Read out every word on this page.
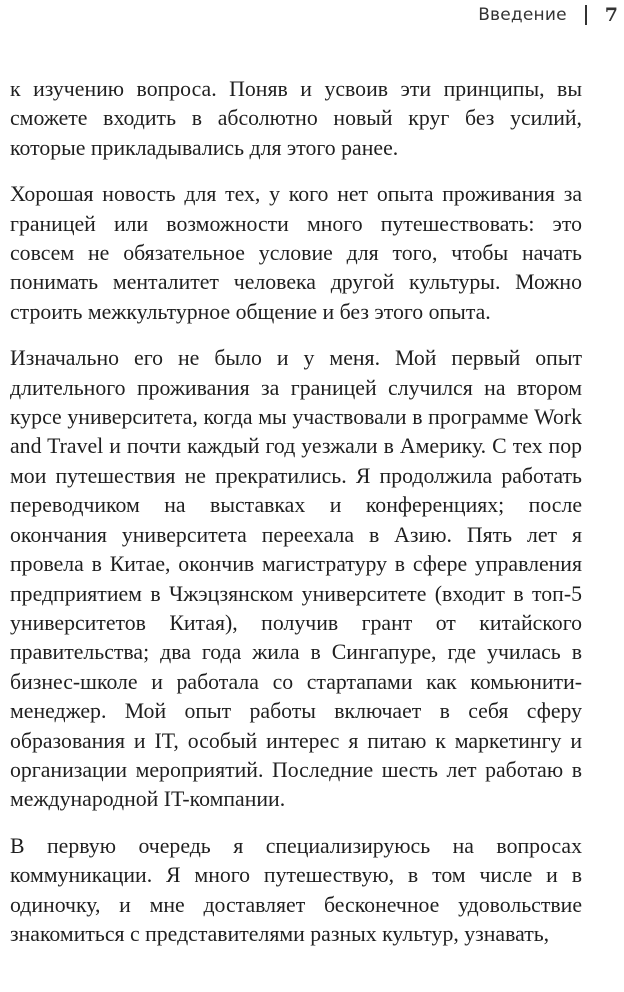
Введение 7

к изучению вопроса. Поняв и усвоив эти принципы, вы сможете входить в абсолютно новый круг без усилий, которые прикладывались для этого ранее.

Хорошая новость для тех, у кого нет опыта проживания за границей или возможности много путешествовать: это совсем не обязательное условие для того, чтобы начать понимать менталитет человека другой культуры. Можно строить межкультурное общение и без этого опыта.

Изначально его не было и у меня. Мой первый опыт длительного проживания за границей случился на втором курсе университета, когда мы участвовали в программе Work and Travel и почти каждый год уезжали в Америку. С тех пор мои путешествия не прекратились. Я продолжила работать переводчиком на выставках и конференциях; после окончания университета переехала в Азию. Пять лет я провела в Китае, окончив магистратуру в сфере управления предприятием в Чжэцзянском университете (входит в топ-5 университетов Китая), получив грант от китайского правительства; два года жила в Сингапуре, где училась в бизнес-школе и работала со стартапами как комьюнити-менеджер. Мой опыт работы включает в себя сферу образования и IT, особый интерес я питаю к маркетингу и организации мероприятий. Последние шесть лет работаю в международной IT-компании.

В первую очередь я специализируюсь на вопросах коммуникации. Я много путешествую, в том числе и в одиночку, и мне доставляет бесконечное удовольствие знакомиться с представителями разных культур, узнавать,
